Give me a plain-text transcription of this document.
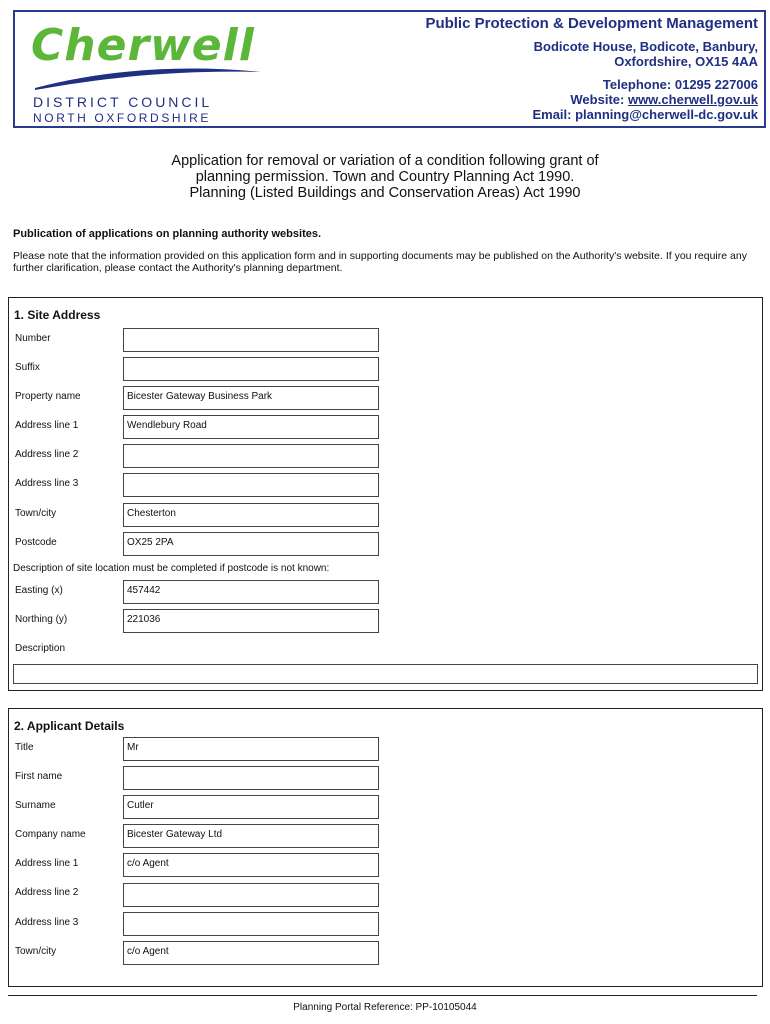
Cherwell
DISTRICT COUNCIL
NORTH OXFORDSHIRE
Public Protection & Development Management
Bodicote House, Bodicote, Banbury,
Oxfordshire, OX15 4AA
Telephone: 01295 227006
Website: www.cherwell.gov.uk
Email: planning@cherwell-dc.gov.uk
Application for removal or variation of a condition following grant of
planning permission. Town and Country Planning Act 1990.
Planning (Listed Buildings and Conservation Areas) Act 1990
Publication of applications on planning authority websites.
Please note that the information provided on this application form and in supporting documents may be published on the Authority's website. If you require any further clarification, please contact the Authority's planning department.
1. Site Address
Number
Suffix
Property name	Bicester Gateway Business Park
Address line 1	Wendlebury Road
Address line 2
Address line 3
Town/city	Chesterton
Postcode	OX25 2PA
Description of site location must be completed if postcode is not known:
Easting (x)	457442
Northing (y)	221036
Description
2. Applicant Details
Title	Mr
First name
Surname	Cutler
Company name	Bicester Gateway Ltd
Address line 1	c/o Agent
Address line 2
Address line 3
Town/city	c/o Agent
Planning Portal Reference: PP-10105044
